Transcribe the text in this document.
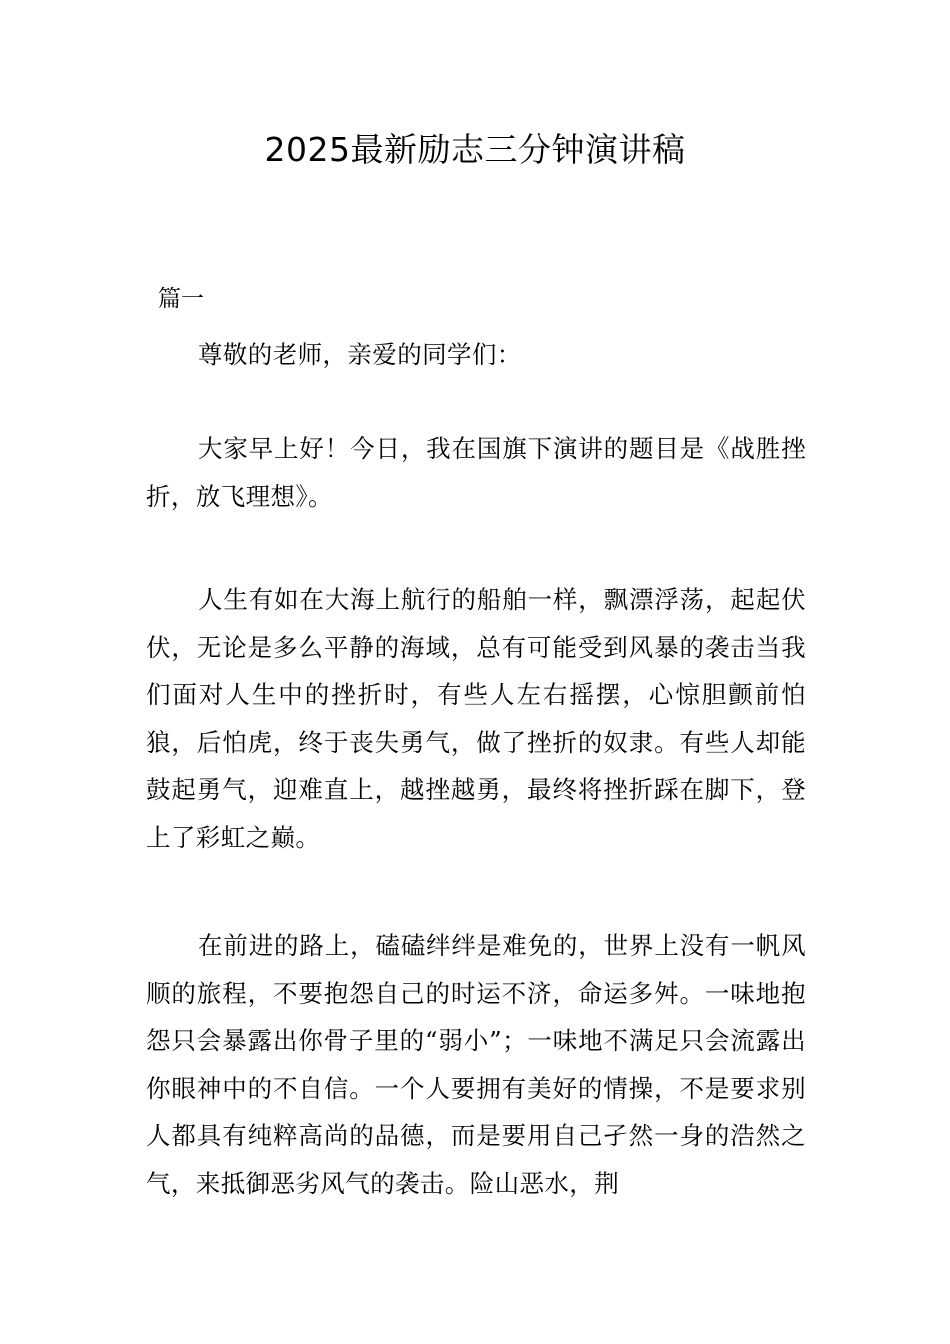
2025最新励志三分钟演讲稿
篇一

尊敬的老师，亲爱的同学们：

大家早上好！今日，我在国旗下演讲的题目是《战胜挫折，放飞理想》。

人生有如在大海上航行的船舶一样，飘漂浮荡，起起伏伏，无论是多么平静的海域，总有可能受到风暴的袭击当我们面对人生中的挫折时，有些人左右摇摆，心惊胆颤前怕狼，后怕虎，终于丧失勇气，做了挫折的奴隶。有些人却能鼓起勇气，迎难直上，越挫越勇，最终将挫折踩在脚下，登上了彩虹之巅。

在前进的路上，磕磕绊绊是难免的，世界上没有一帆风顺的旅程，不要抱怨自己的时运不济，命运多舛。一味地抱怨只会暴露出你骨子里的“弱小”；一味地不满足只会流露出你眼神中的不自信。一个人要拥有美好的情操，不是要求别人都具有纯粹高尚的品德，而是要用自己孑然一身的浩然之气，来抵御恶劣风气的袭击。险山恶水，荆
